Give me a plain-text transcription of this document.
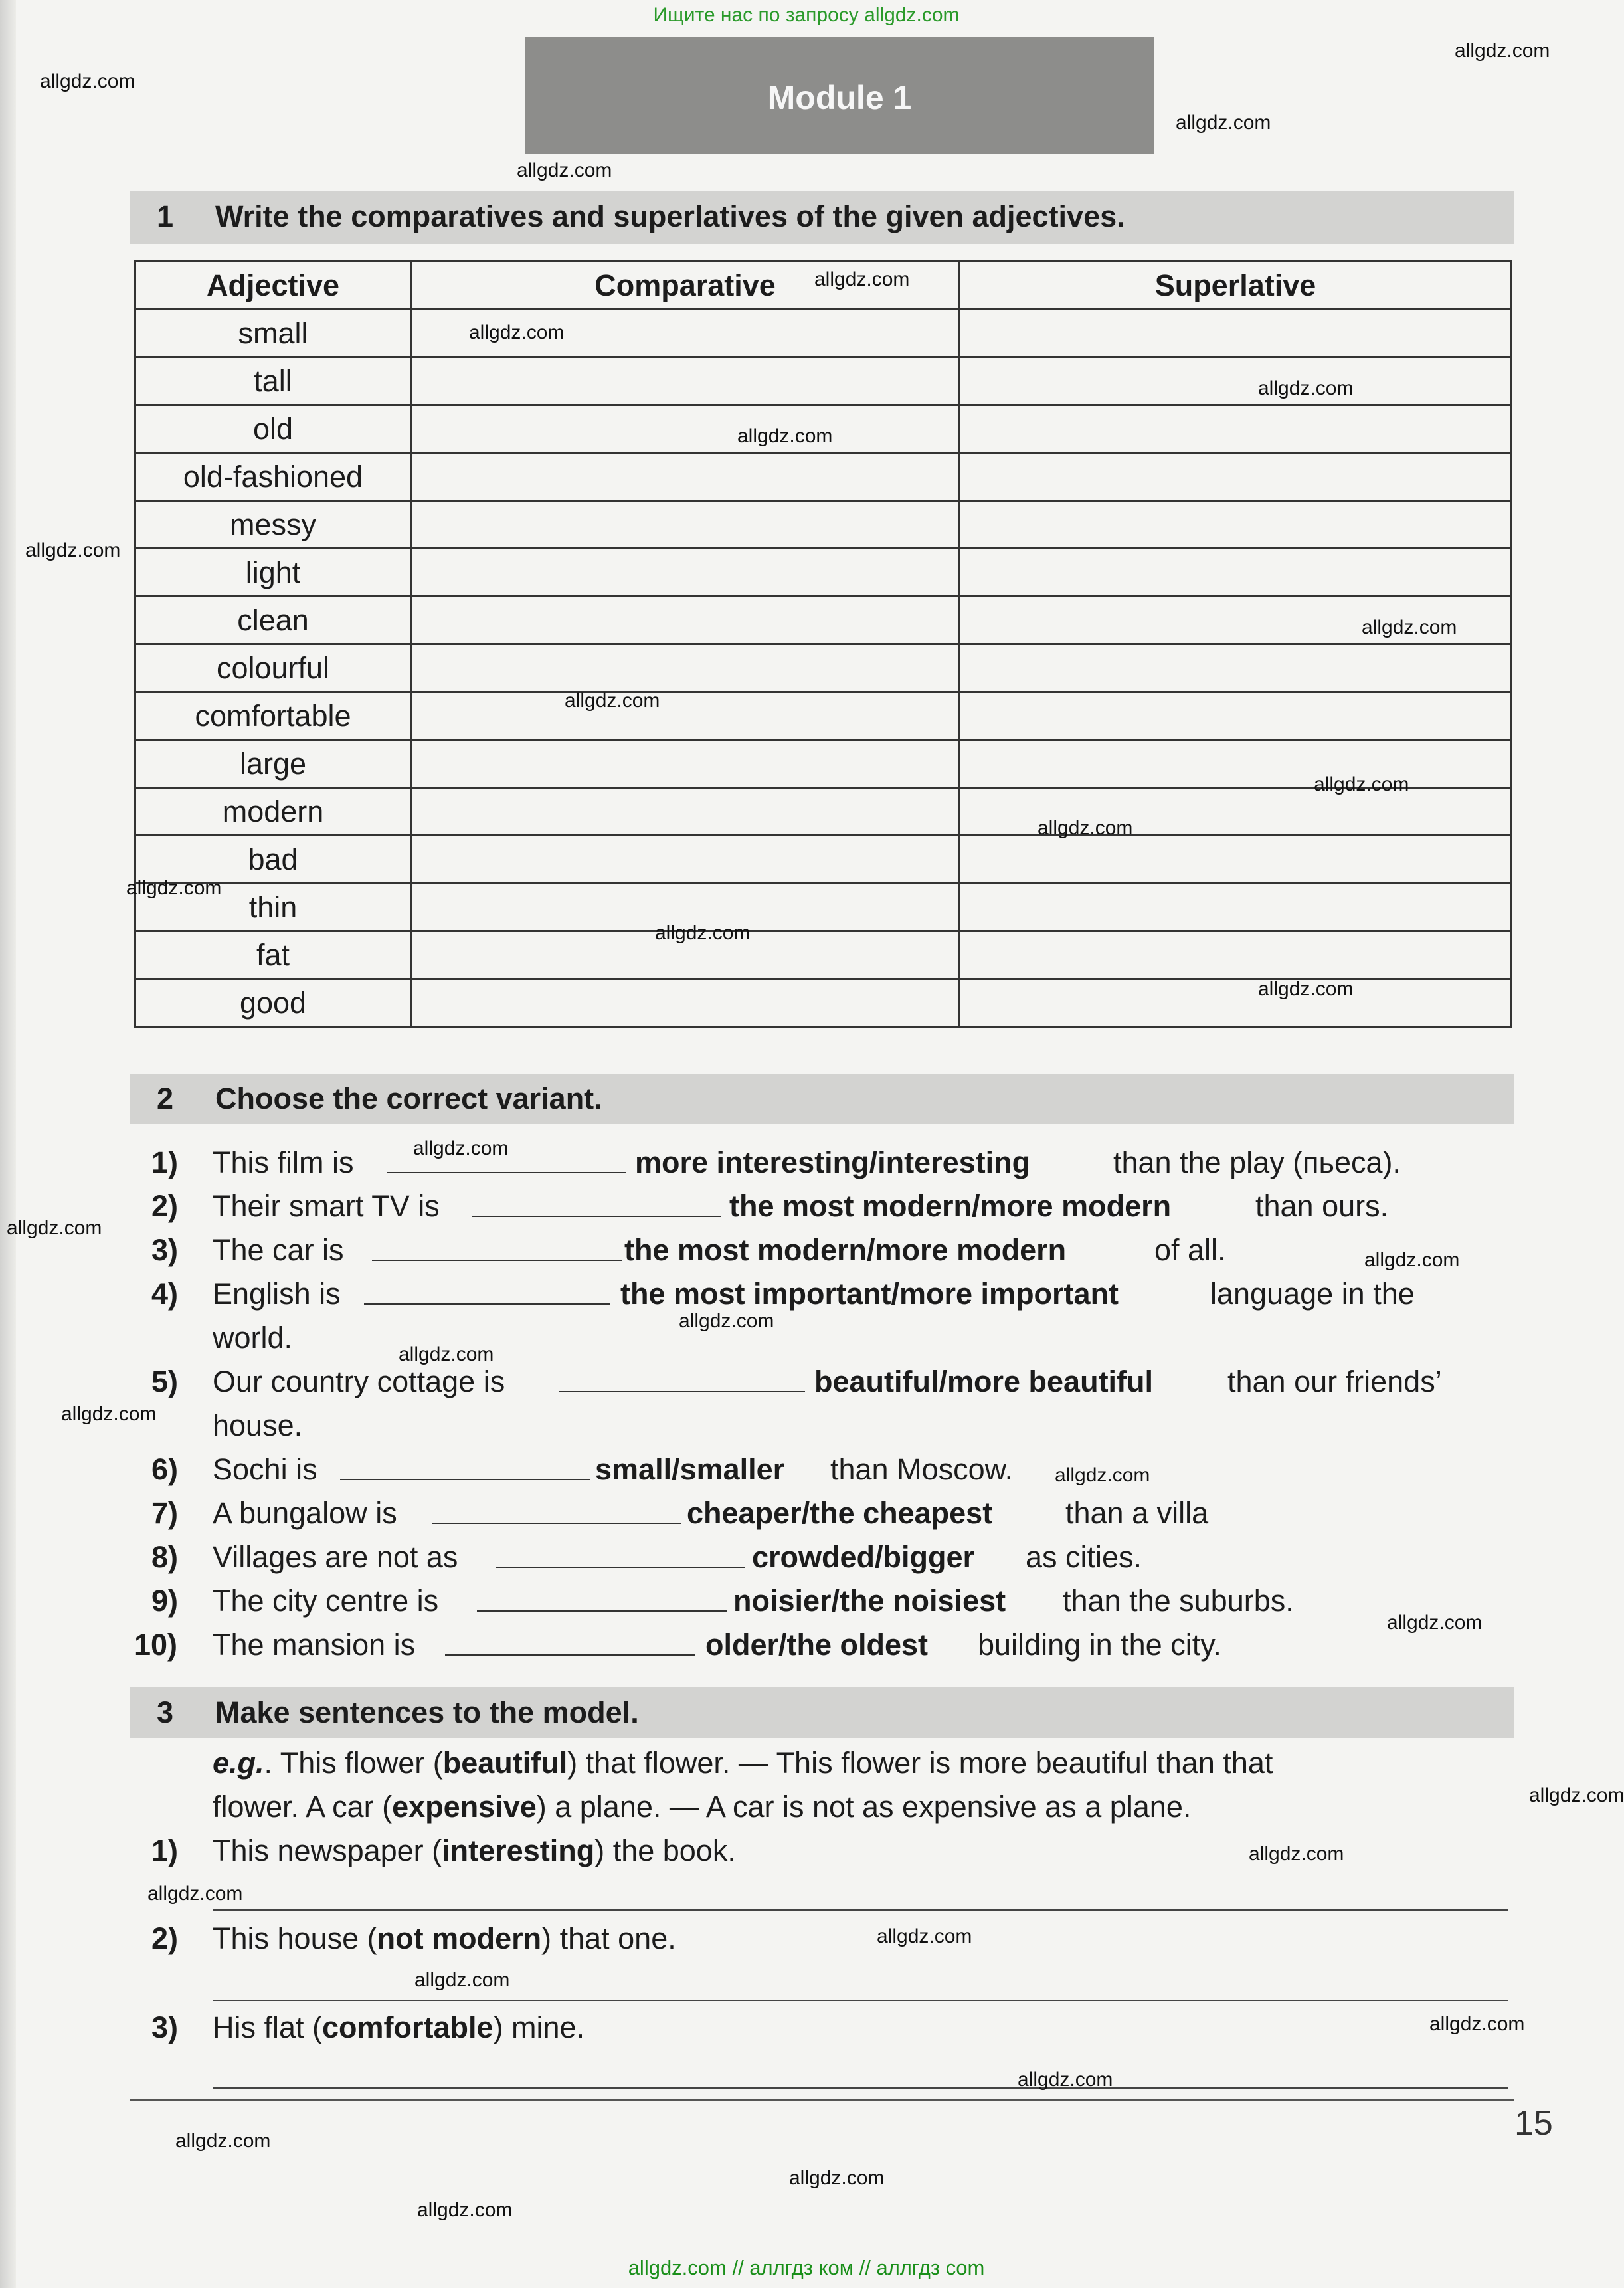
Ищите нас по запросу allgdz.com
Module 1
1 Write the comparatives and superlatives of the given adjectives.
Adjective	Comparative	Superlative
small		
tall		
old		
old-fashioned		
messy		
light		
clean		
colourful		
comfortable		
large		
modern		
bad		
thin		
fat		
good		
2 Choose the correct variant.
1) This film is	more interesting/interesting	than the play (пьеса).
2) Their smart TV is	the most modern/more modern	than ours.
3) The car is	the most modern/more modern	of all.
4) English is	the most important/more important	language in the
world.
5) Our country cottage is	beautiful/more beautiful than our friends’
house.
6) Sochi is	small/smaller than Moscow.
7) A bungalow is	cheaper/the cheapest than a villa
8) Villages are not as	crowded/bigger as cities.
9) The city centre is	noisier/the noisiest than the suburbs.
10) The mansion is	older/the oldest building in the city.
3 Make sentences to the model.
e.g.. This flower (beautiful) that flower. — This flower is more beautiful than that
flower. A car (expensive) a plane. — A car is not as expensive as a plane.
1) This newspaper (interesting) the book.
2) This house (not modern) that one.
3) His flat (comfortable) mine.
15
allgdz.com
allgdz.com
allgdz.com
allgdz.com
allgdz.com
allgdz.com
allgdz.com
allgdz.com
allgdz.com
allgdz.com
allgdz.com
allgdz.com
allgdz.com
allgdz.com
allgdz.com
allgdz.com
allgdz.com
allgdz.com
allgdz.com
allgdz.com
allgdz.com
allgdz.com
allgdz.com
allgdz.com
allgdz.com
allgdz.com
allgdz.com
allgdz.com
allgdz.com
allgdz.com
allgdz.com
allgdz.com
allgdz.com
allgdz.com
allgdz.com // аллгдз ком // аллгдз com
